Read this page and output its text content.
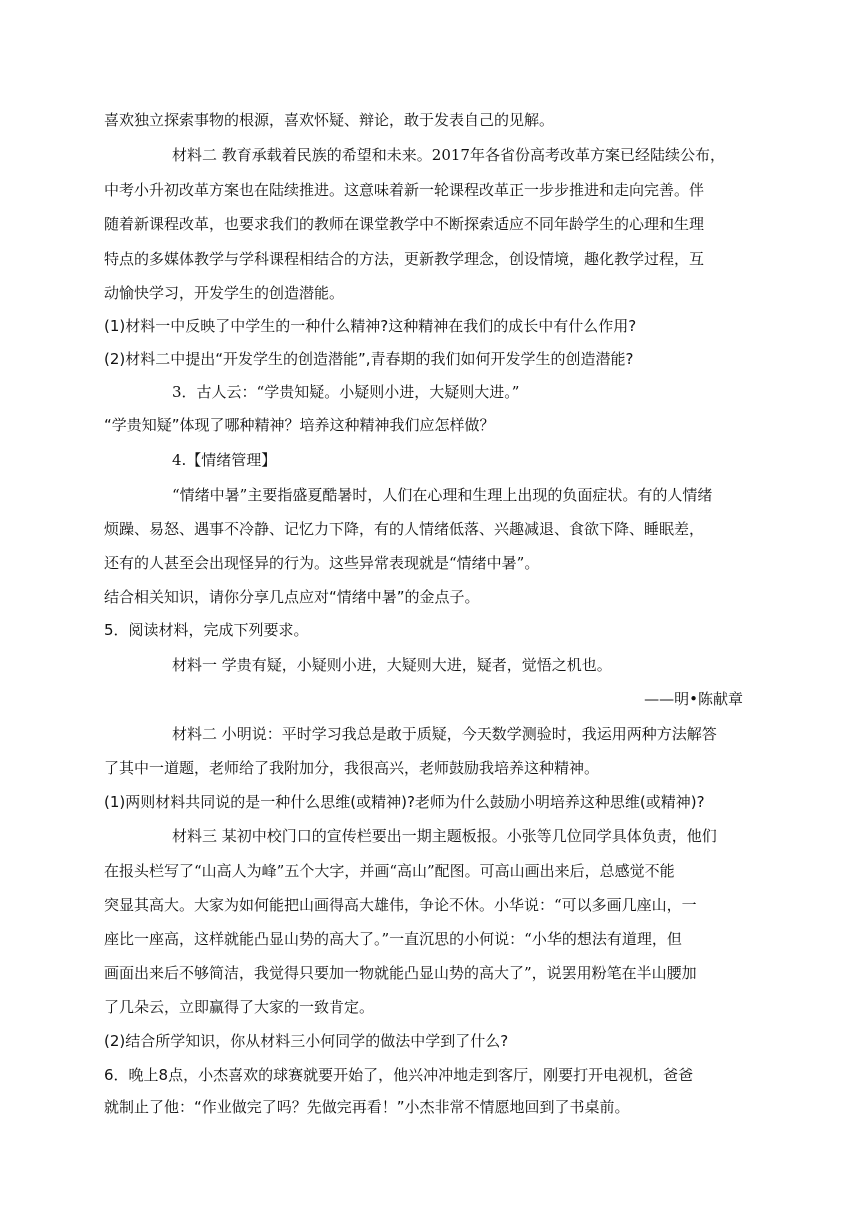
喜欢独立探索事物的根源，喜欢怀疑、辩论，敢于发表自己的见解。
材料二 教育承载着民族的希望和未来。2017年各省份高考改革方案已经陆续公布，
中考小升初改革方案也在陆续推进。这意味着新一轮课程改革正一步步推进和走向完善。伴
随着新课程改革，也要求我们的教师在课堂教学中不断探索适应不同年龄学生的心理和生理
特点的多媒体教学与学科课程相结合的方法，更新教学理念，创设情境，趣化教学过程，互
动愉快学习，开发学生的创造潜能。
(1)材料一中反映了中学生的一种什么精神?这种精神在我们的成长中有什么作用?
(2)材料二中提出“开发学生的创造潜能”,青春期的我们如何开发学生的创造潜能?
3．古人云：“学贵知疑。小疑则小进，大疑则大进。”
“学贵知疑”体现了哪种精神？培养这种精神我们应怎样做？
4.【情绪管理】
“情绪中暑”主要指盛夏酷暑时，人们在心理和生理上出现的负面症状。有的人情绪
烦躁、易怒、遇事不冷静、记忆力下降，有的人情绪低落、兴趣减退、食欲下降、睡眠差，
还有的人甚至会出现怪异的行为。这些异常表现就是“情绪中暑”。
结合相关知识，请你分享几点应对“情绪中暑”的金点子。
5．阅读材料，完成下列要求。
材料一 学贵有疑，小疑则小进，大疑则大进，疑者，觉悟之机也。
——明•陈献章
材料二 小明说：平时学习我总是敢于质疑，今天数学测验时，我运用两种方法解答
了其中一道题，老师给了我附加分，我很高兴，老师鼓励我培养这种精神。
(1)两则材料共同说的是一种什么思维(或精神)?老师为什么鼓励小明培养这种思维(或精神)?
材料三 某初中校门口的宣传栏要出一期主题板报。小张等几位同学具体负责，他们
在报头栏写了“山高人为峰”五个大字，并画“高山”配图。可高山画出来后，总感觉不能
突显其高大。大家为如何能把山画得高大雄伟，争论不休。小华说：“可以多画几座山，一
座比一座高，这样就能凸显山势的高大了。”一直沉思的小何说：“小华的想法有道理，但
画面出来后不够简洁，我觉得只要加一物就能凸显山势的高大了”，说罢用粉笔在半山腰加
了几朵云，立即赢得了大家的一致肯定。
(2)结合所学知识，你从材料三小何同学的做法中学到了什么?
6．晚上8点，小杰喜欢的球赛就要开始了，他兴冲冲地走到客厅，刚要打开电视机，爸爸
就制止了他：“作业做完了吗？先做完再看！”小杰非常不情愿地回到了书桌前。
